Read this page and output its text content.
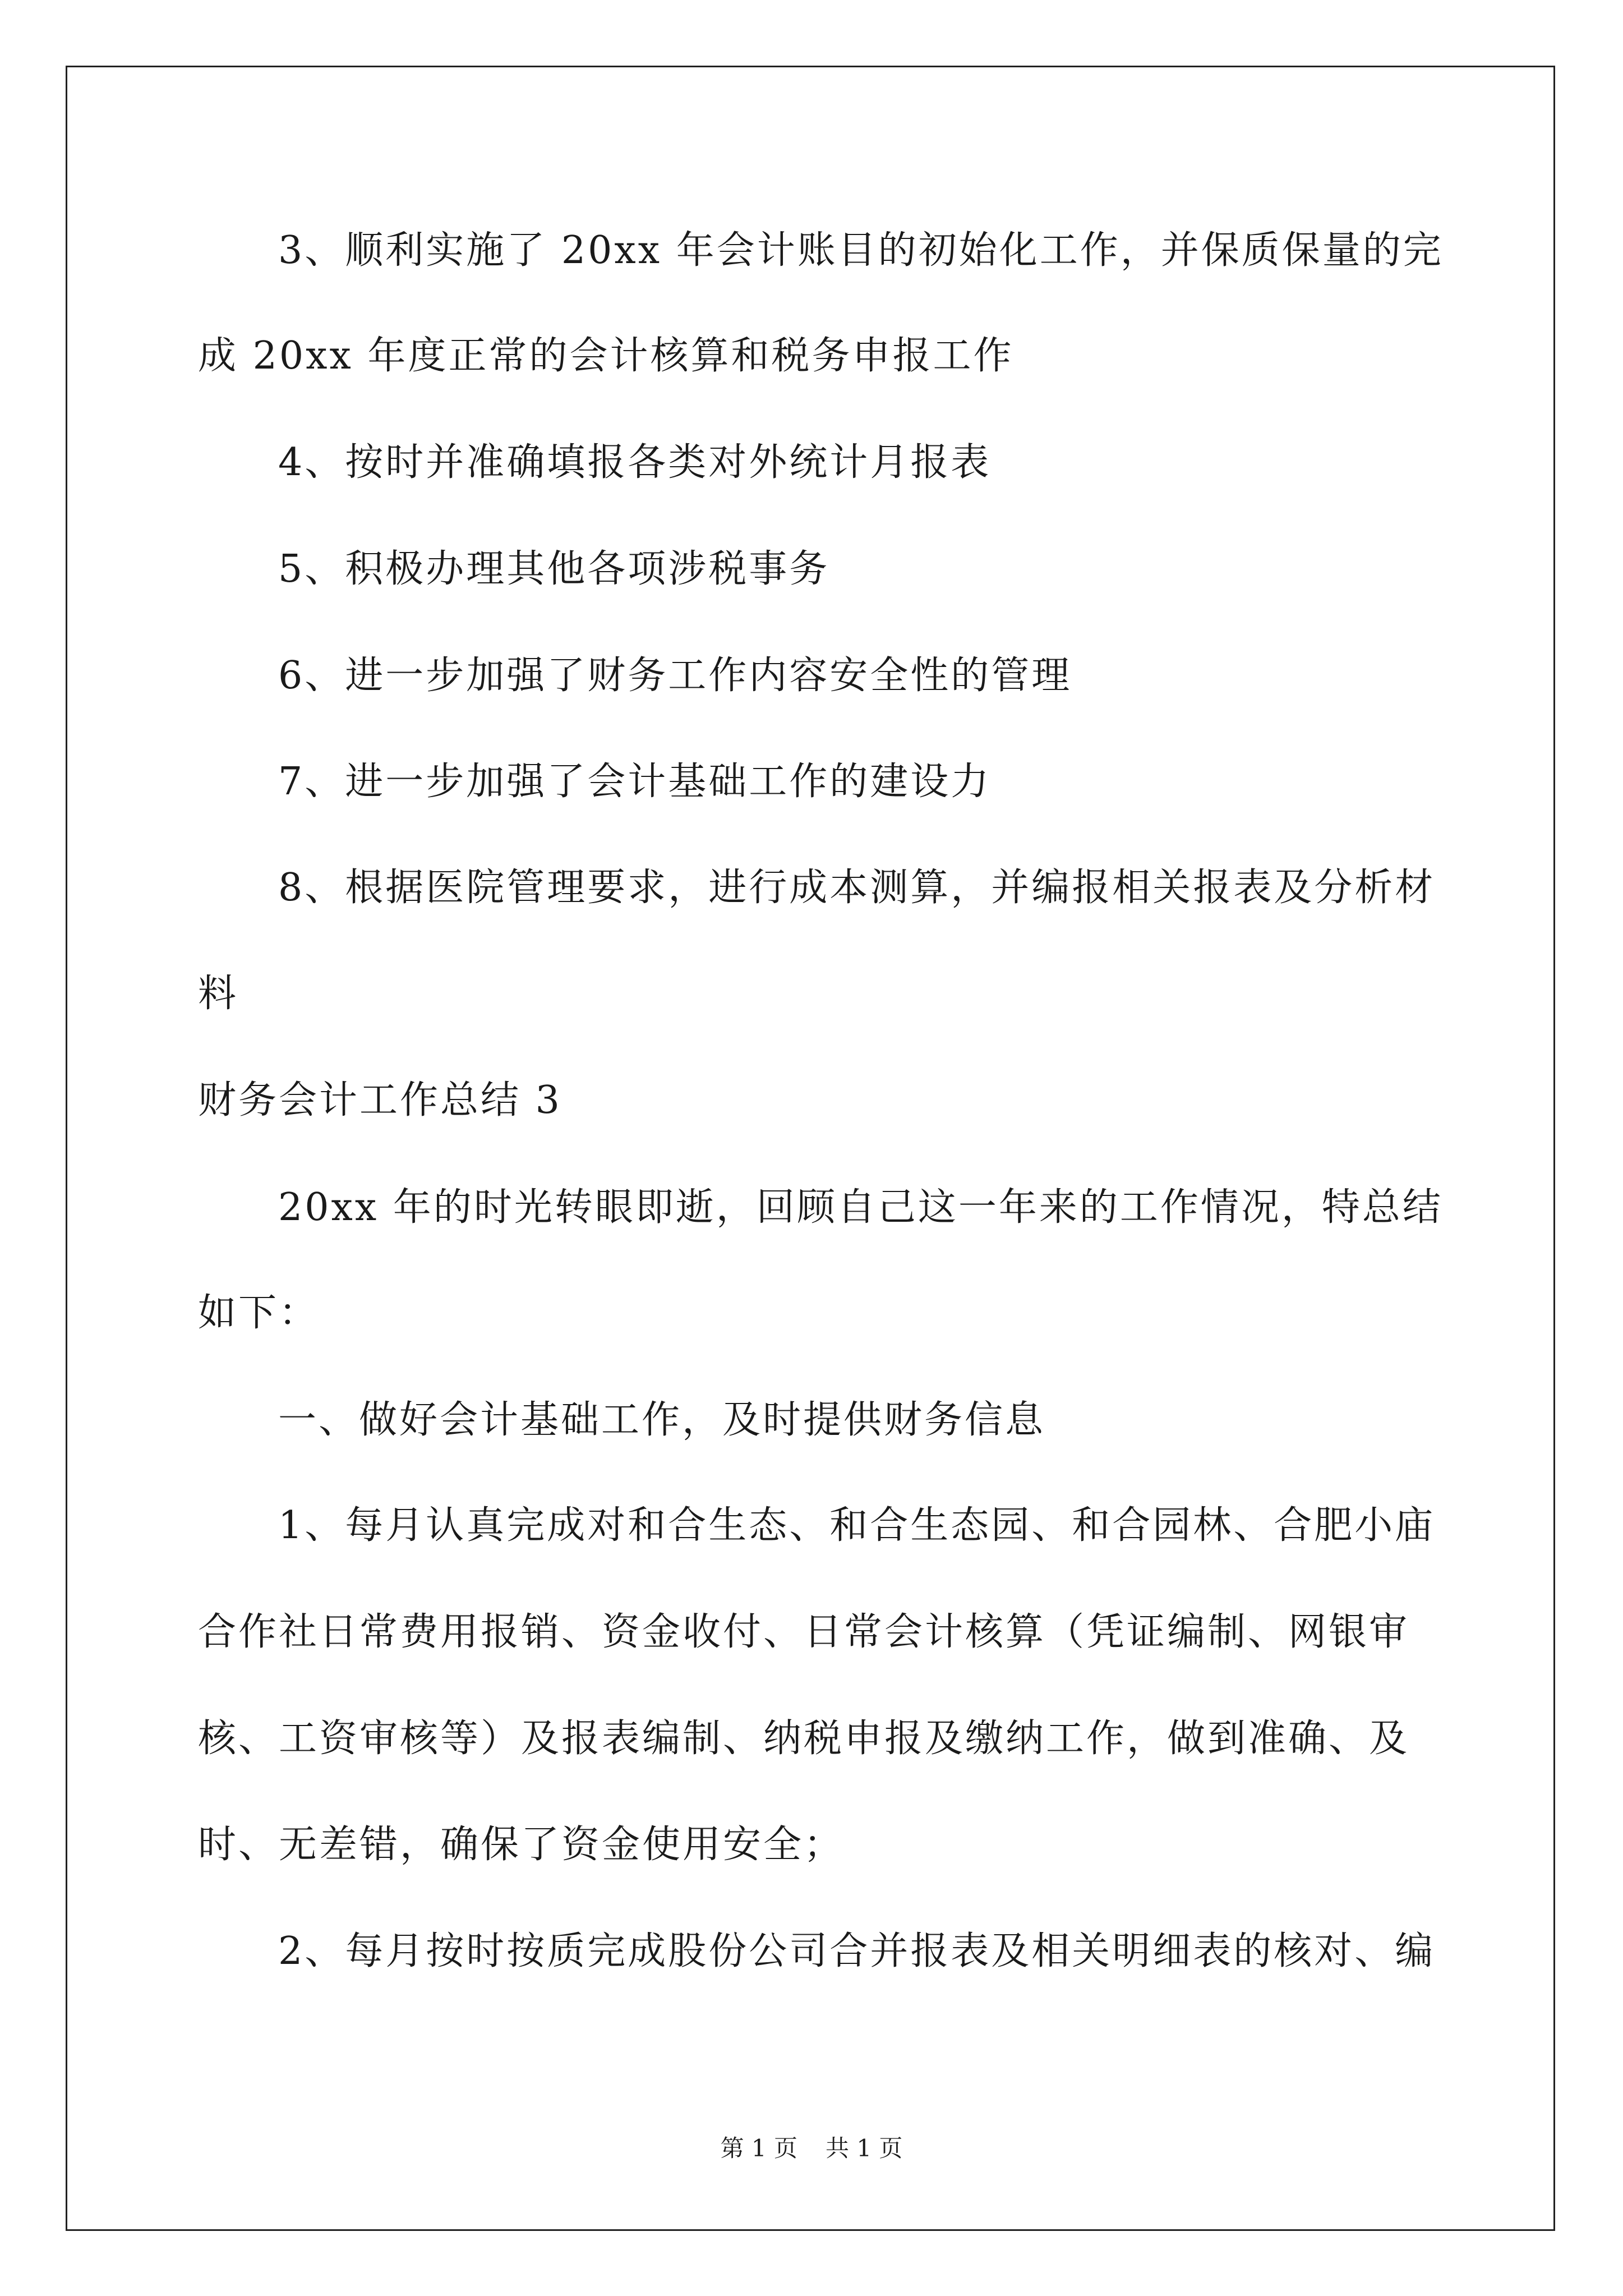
3、顺利实施了 20xx 年会计账目的初始化工作，并保质保量的完
成 20xx 年度正常的会计核算和税务申报工作
4、按时并准确填报各类对外统计月报表
5、积极办理其他各项涉税事务
6、进一步加强了财务工作内容安全性的管理
7、进一步加强了会计基础工作的建设力
8、根据医院管理要求，进行成本测算，并编报相关报表及分析材
料
财务会计工作总结 3
20xx 年的时光转眼即逝，回顾自己这一年来的工作情况，特总结
如下：
一、做好会计基础工作，及时提供财务信息
1、每月认真完成对和合生态、和合生态园、和合园林、合肥小庙
合作社日常费用报销、资金收付、日常会计核算（凭证编制、网银审
核、工资审核等）及报表编制、纳税申报及缴纳工作，做到准确、及
时、无差错，确保了资金使用安全；
2、每月按时按质完成股份公司合并报表及相关明细表的核对、编
第 1 页 共 1 页
